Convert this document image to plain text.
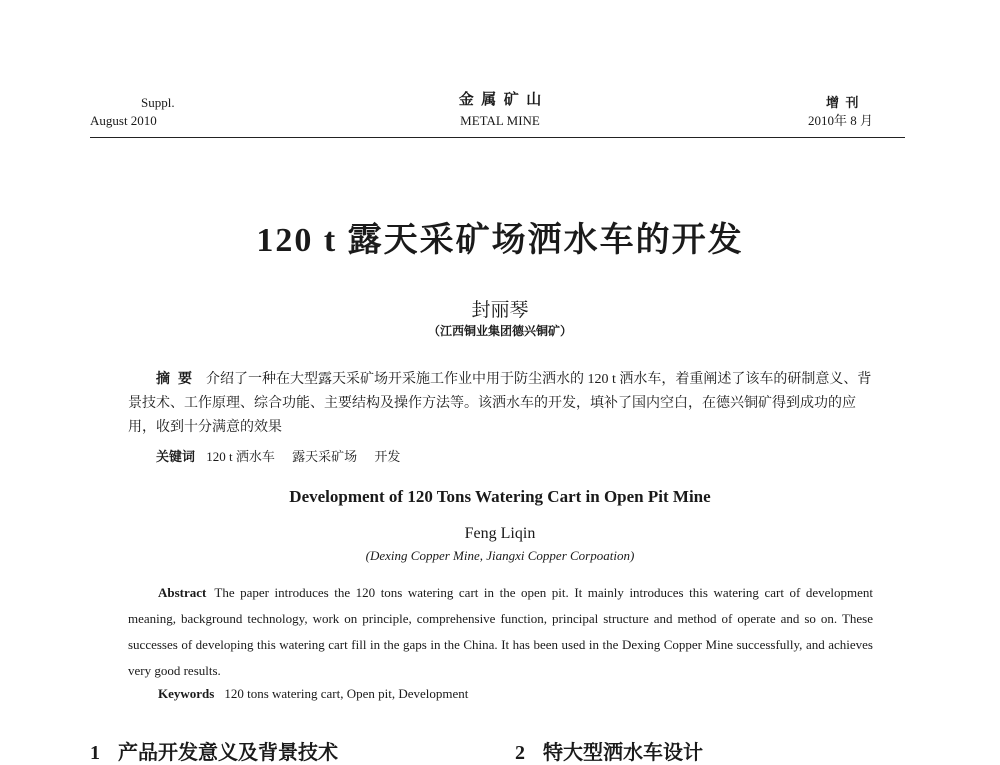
Suppl.
August 2010
金  属  矿  山
METAL MINE
增  刊
2010年 8 月
120 t 露天采矿场洒水车的开发
封丽琴
（江西铜业集团德兴铜矿）
摘要 介绍了一种在大型露天采矿场开采施工作业中用于防尘洒水的 120 t 洒水车，着重阐述了该车的研制意义、背景技术、工作原理、综合功能、主要结构及操作方法等。该洒水车的开发，填补了国内空白，在德兴铜矿得到成功的应用，收到十分满意的效果
关键词 120 t 洒水车 露天采矿场 开发
Development of 120 Tons Watering Cart in Open Pit Mine
Feng Liqin
(Dexing Copper Mine, Jiangxi Copper Corpoation)
Abstract The paper introduces the 120 tons watering cart in the open pit. It mainly introduces this watering cart of development meaning, background technology, work on principle, comprehensive function, principal structure and method of operate and so on. These successes of developing this watering cart fill in the gaps in the China. It has been used in the Dexing Copper Mine successfully, and achieves very good results.
Keywords 120 tons watering cart, Open pit, Development
1 产品开发意义及背景技术	2 特大型洒水车设计
